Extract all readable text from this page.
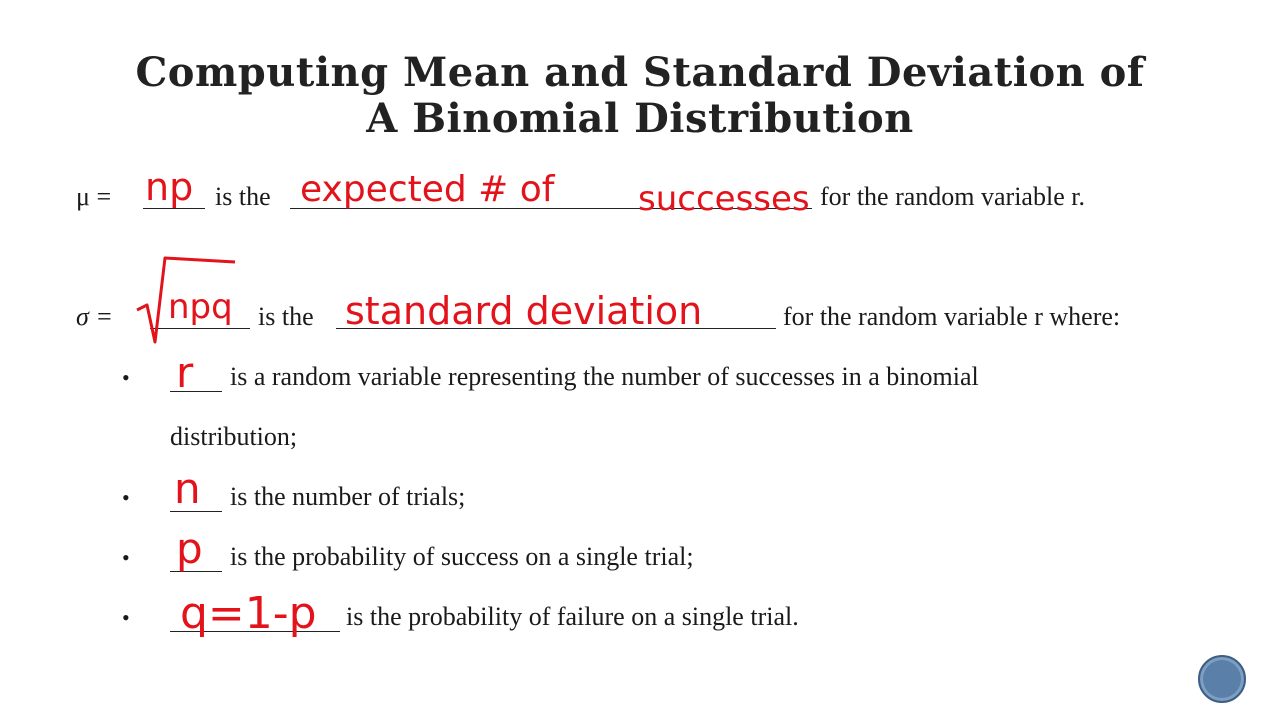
Computing Mean and Standard Deviation of
A Binomial Distribution
μ = np is the expected # of successes for the random variable r.
σ = npq is the standard deviation	for the random variable r where:
• r is a random variable representing the number of successes in a binomial
distribution;
• n is the number of trials;
• p is the probability of success on a single trial;
• q=1-p is the probability of failure on a single trial.
